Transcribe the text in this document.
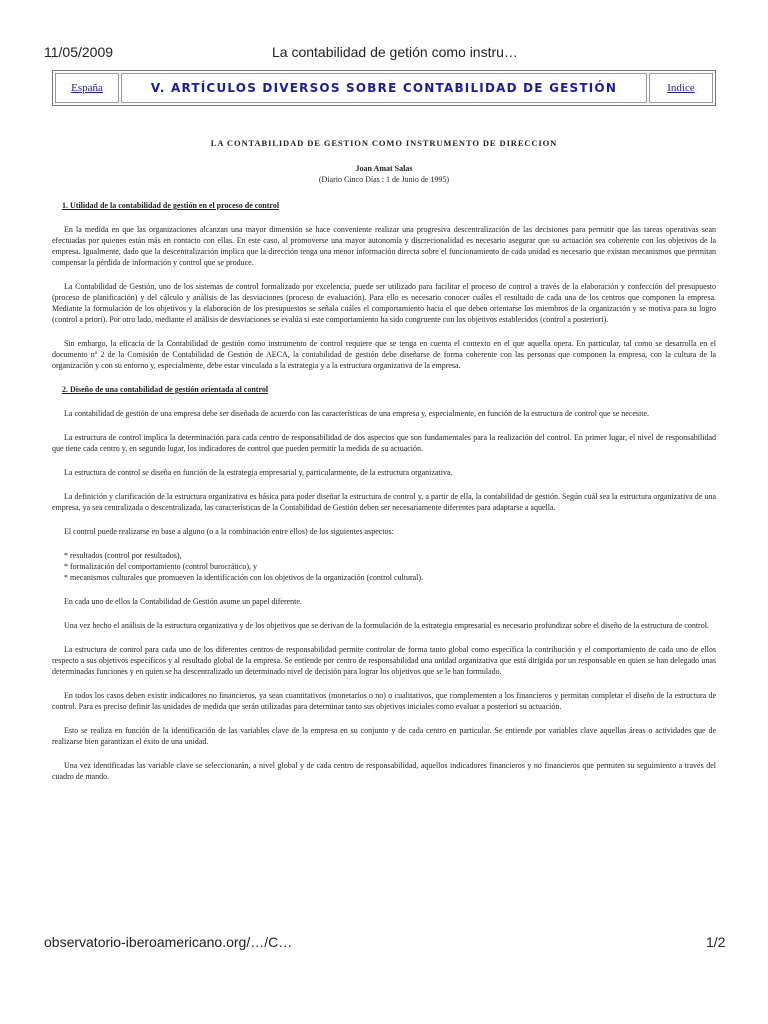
11/05/2009	La contabilidad de getión como instru…
España	V. ARTÍCULOS DIVERSOS SOBRE CONTABILIDAD DE GESTIÓN	Indice
LA CONTABILIDAD DE GESTION COMO INSTRUMENTO DE DIRECCION

Joan Amat Salas

(Diario Cinco Días : 1 de Junio de 1995)

1. Utilidad de la contabilidad de gestión en el proceso de control

En la medida en que las organizaciones alcanzan una mayor dimensión se hace conveniente realizar una progresiva descentralización de las decisiones para permitir que las tareas operativas sean efectuadas por quienes están más en contacto con ellas. En este caso, al promoverse una mayor autonomía y discrecionalidad es necesario asegurar que su actuación sea coherente con los objetivos de la empresa. Igualmente, dado que la descentralización implica que la dirección tenga una menor información directa sobre el funcionamiento de cada unidad es necesario que existan mecanismos que permitan compensar la pérdida de información y control que se produce.

La Contabilidad de Gestión, uno de los sistemas de control formalizado por excelencia, puede ser utilizado para facilitar el proceso de control a través de la elaboración y confección del presupuesto (proceso de planificación) y del cálculo y análisis de las desviaciones (proceso de evaluación). Para ello es necesario conocer cuáles el resultado de cada una de los centros que componen la empresa. Mediante la formulación de los objetivos y la elaboración de los presupuestos se señala cuáles el comportamiento hacia el que deben orientarse los miembros de la organización y se motiva para su logro (control a priori). Por otro lado, mediante el análisis de desviaciones se evalúa si este comportamiento ha sido congruente con los objetivos establecidos (control a posteriori).

Sin embargo, la eficacia de la Contabilidad de gestión como instrumento de control requiere que se tenga en cuenta el contexto en el que aquella opera. En particular, tal como se desarrolla en el documento nº 2 de la Comisión de Contabilidad de Gestión de AECA, la contabilidad de gestión debe diseñarse de forma coherente con las personas que componen la empresa, con la cultura de la organización y con su entorno y, especialmente, debe estar vinculada a la estrategia y a la estructura organizativa de la empresa.

2. Diseño de una contabilidad de gestión orientada al control

La contabilidad de gestión de una empresa debe ser diseñada de acuerdo con las características de una empresa y, especialmente, en función de la estructura de control que se necesite.

La estructura de control implica la determinación para cada centro de responsabilidad de dos aspectos que son fundamentales para la realización del control. En primer lugar, el nivel de responsabilidad que tiene cada centro y, en segundo lugar, los indicadores de control que pueden permitir la medida de su actuación.

La estructura de control se diseña en función de la estrategia empresarial y, particularmente, de la estructura organizativa.

La definición y clarificación de la estructura organizativa es básica para poder diseñar la estructura de control y, a partir de ella, la contabilidad de gestión. Según cuál sea la estructura organizativa de una empresa, ya sea centralizada o descentralizada, las características de la Contabilidad de Gestión deben ser necesariamente diferentes para adaptarse a aquella.

El control puede realizarse en base a alguno (o a la combinación entre ellos) de los siguientes aspectos:

* resultados (control por resultados),
* formalización del comportamiento (control burocrático), y
* mecanismos culturales que promueven la identificación con los objetivos de la organización (control cultural).

En cada uno de ellos la Contabilidad de Gestión asume un papel diferente.

Una vez hecho el análisis de la estructura organizativa y de los objetivos que se derivan de la formulación de la estrategia empresarial es necesario profundizar sobre el diseño de la estructura de control.

La estructura de control para cada uno de los diferentes centros de responsabilidad permite controlar de forma tanto global como específica la contribución y el comportamiento de cada uno de ellos respecto a sus objetivos específicos y al resultado global de la empresa. Se entiende por centro de responsabilidad una unidad organizativa que está dirigida por un responsable en quien se han delegado unas determinadas funciones y en quien se ha descentralizado un determinado nivel de decisión para lograr los objetivos que se le han formulado.

En todos los casos deben existir indicadores no financieros, ya sean cuantitativos (monetarios o no) o cualitativos, que complementen a los financieros y permitan completar el diseño de la estructura de control. Para es preciso definir las unidades de medida que serán utilizadas para determinar tanto sus objetivos iniciales como evaluar a posteriori su actuación.

Esto se realiza en función de la identificación de las variables clave de la empresa en su conjunto y de cada centro en particular. Se entiende por variables clave aquellas áreas o actividades que de realizarse bien garantizan el éxito de una unidad.

Una vez identificadas las variable clave se seleccionarán, a nivel global y de cada centro de responsabilidad, aquellos indicadores financieros y no financieros que permiten su seguimiento a través del cuadro de mando.

observatorio-iberoamericano.org/…/C…	1/2
